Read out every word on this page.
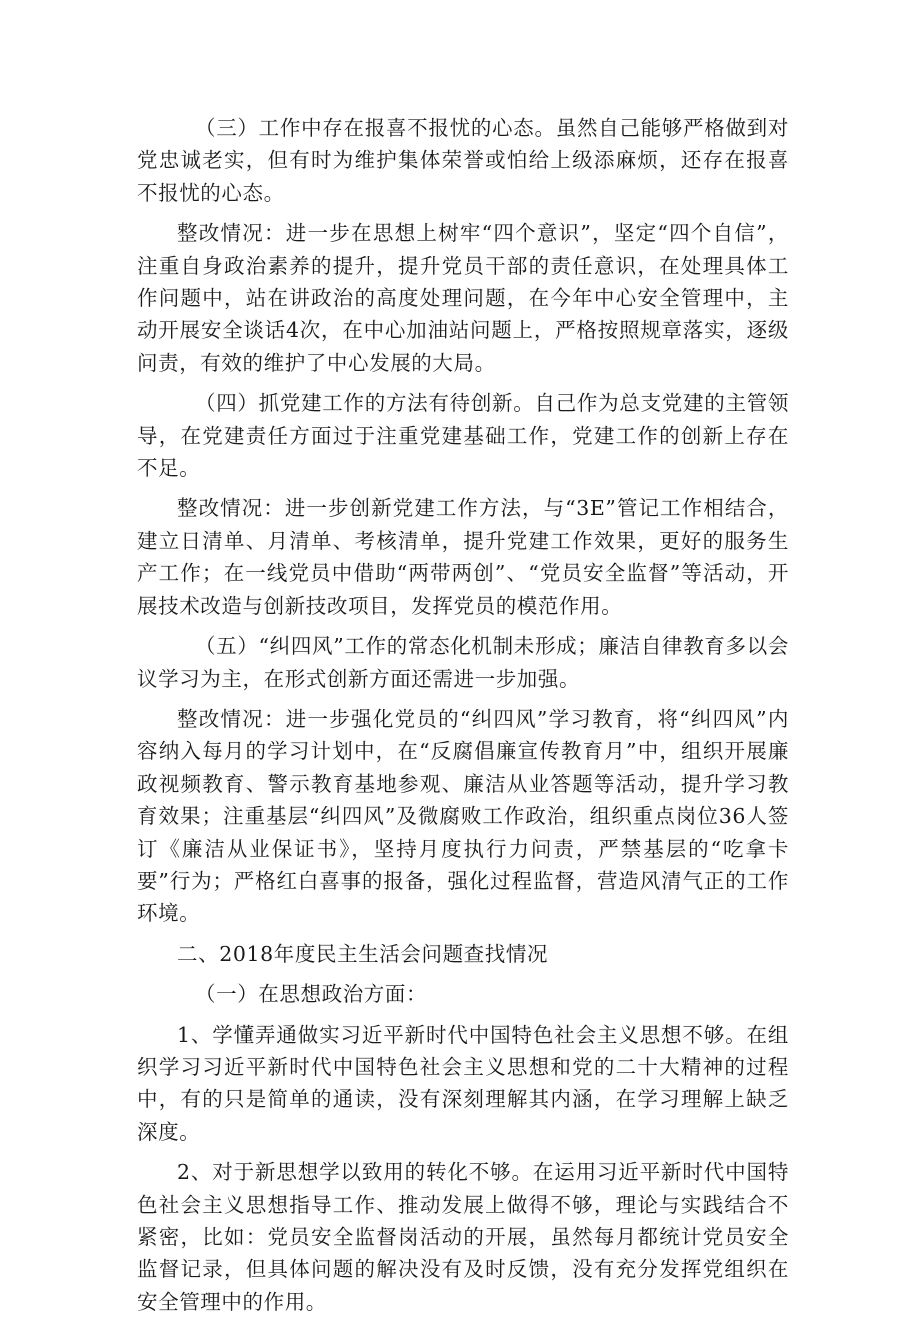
（三）工作中存在报喜不报忧的心态。虽然自己能够严格做到对党忠诚老实，但有时为维护集体荣誉或怕给上级添麻烦，还存在报喜不报忧的心态。

整改情况：进一步在思想上树牢“四个意识”，坚定“四个自信”，注重自身政治素养的提升，提升党员干部的责任意识，在处理具体工作问题中，站在讲政治的高度处理问题，在今年中心安全管理中，主动开展安全谈话4次，在中心加油站问题上，严格按照规章落实，逐级问责，有效的维护了中心发展的大局。

（四）抓党建工作的方法有待创新。自己作为总支党建的主管领导，在党建责任方面过于注重党建基础工作，党建工作的创新上存在不足。

整改情况：进一步创新党建工作方法，与“3E”管记工作相结合，建立日清单、月清单、考核清单，提升党建工作效果，更好的服务生产工作；在一线党员中借助“两带两创”、“党员安全监督”等活动，开展技术改造与创新技改项目，发挥党员的模范作用。

（五）“纠四风”工作的常态化机制未形成；廉洁自律教育多以会议学习为主，在形式创新方面还需进一步加强。

整改情况：进一步强化党员的“纠四风”学习教育，将“纠四风”内容纳入每月的学习计划中，在“反腐倡廉宣传教育月”中，组织开展廉政视频教育、警示教育基地参观、廉洁从业答题等活动，提升学习教育效果；注重基层“纠四风”及微腐败工作政治，组织重点岗位36人签订《廉洁从业保证书》，坚持月度执行力问责，严禁基层的“吃拿卡要”行为；严格红白喜事的报备，强化过程监督，营造风清气正的工作环境。

二、2018年度民主生活会问题查找情况

（一）在思想政治方面：

1、学懂弄通做实习近平新时代中国特色社会主义思想不够。在组织学习习近平新时代中国特色社会主义思想和党的二十大精神的过程中，有的只是简单的通读，没有深刻理解其内涵，在学习理解上缺乏深度。

2、对于新思想学以致用的转化不够。在运用习近平新时代中国特色社会主义思想指导工作、推动发展上做得不够，理论与实践结合不紧密，比如：党员安全监督岗活动的开展，虽然每月都统计党员安全监督记录，但具体问题的解决没有及时反馈，没有充分发挥党组织在安全管理中的作用。
